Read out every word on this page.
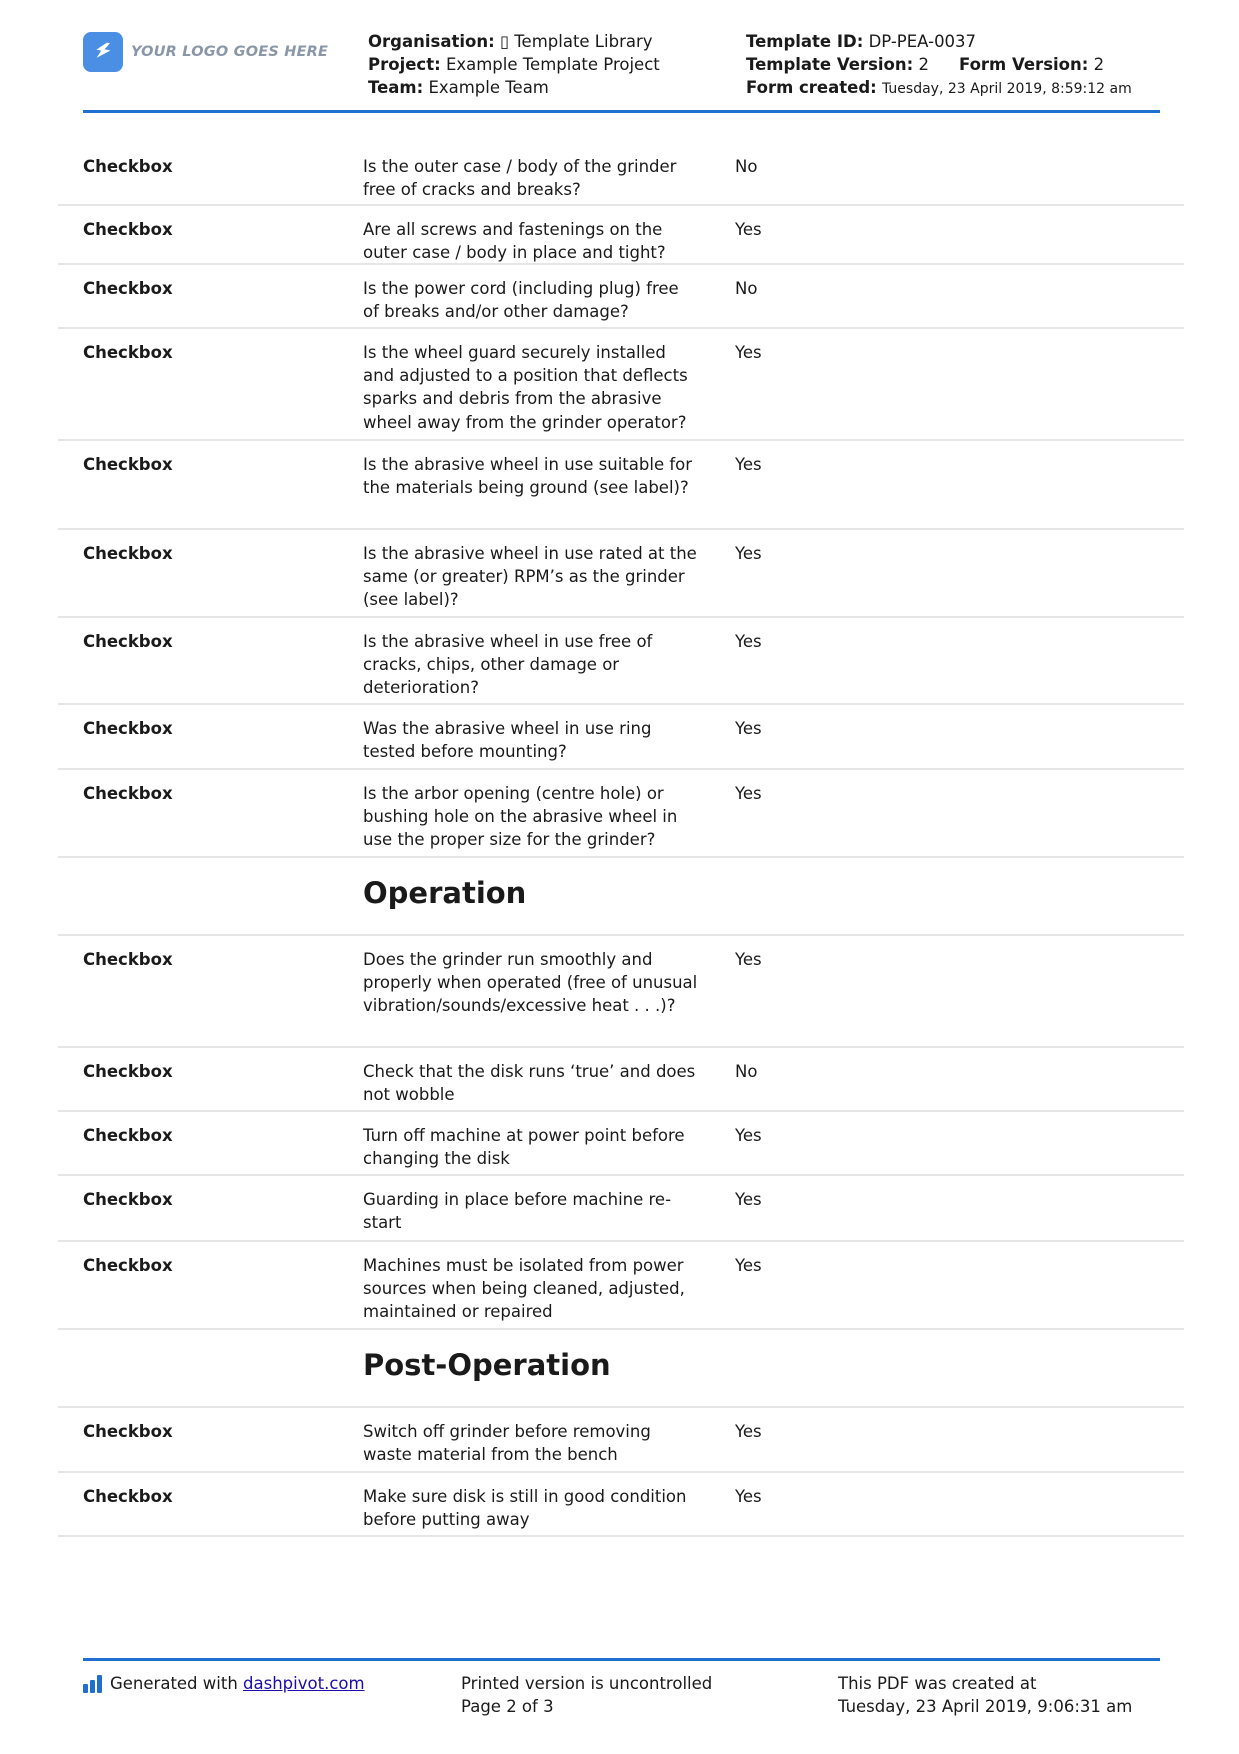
YOUR LOGO GOES HERE
Organisation: ▯ Template Library
Project: Example Template Project
Team: Example Team
Template ID: DP-PEA-0037
Template Version: 2 Form Version: 2
Form created: Tuesday, 23 April 2019, 8:59:12 am
Checkbox	Is the outer case / body of the grinder free of cracks and breaks?
No
Checkbox	Are all screws and fastenings on the outer case / body in place and tight?
Yes
Checkbox	Is the power cord (including plug) free of breaks and/or other damage?
No
Checkbox	Is the wheel guard securely installed and adjusted to a position that deflects sparks and debris from the abrasive wheel away from the grinder operator?
Yes
Checkbox	Is the abrasive wheel in use suitable for the materials being ground (see label)?
Yes
Checkbox	Is the abrasive wheel in use rated at the same (or greater) RPM’s as the grinder (see label)?
Yes
Checkbox	Is the abrasive wheel in use free of cracks, chips, other damage or deterioration?
Yes
Checkbox	Was the abrasive wheel in use ring tested before mounting?
Yes
Checkbox	Is the arbor opening (centre hole) or bushing hole on the abrasive wheel in use the proper size for the grinder?
Yes
Operation
Checkbox	Does the grinder run smoothly and properly when operated (free of unusual vibration/sounds/excessive heat . . .)?
Yes
Checkbox	Check that the disk runs ‘true’ and does not wobble
No
Checkbox	Turn off machine at power point before changing the disk
Yes
Checkbox	Guarding in place before machine re-start
Yes
Checkbox	Machines must be isolated from power sources when being cleaned, adjusted, maintained or repaired
Yes
Post-Operation
Checkbox	Switch off grinder before removing waste material from the bench
Yes
Checkbox	Make sure disk is still in good condition before putting away
Yes
Generated with
dashpivot.com	Printed version is uncontrolled
Page 2 of 3
This PDF was created at
Tuesday, 23 April 2019, 9:06:31 am
